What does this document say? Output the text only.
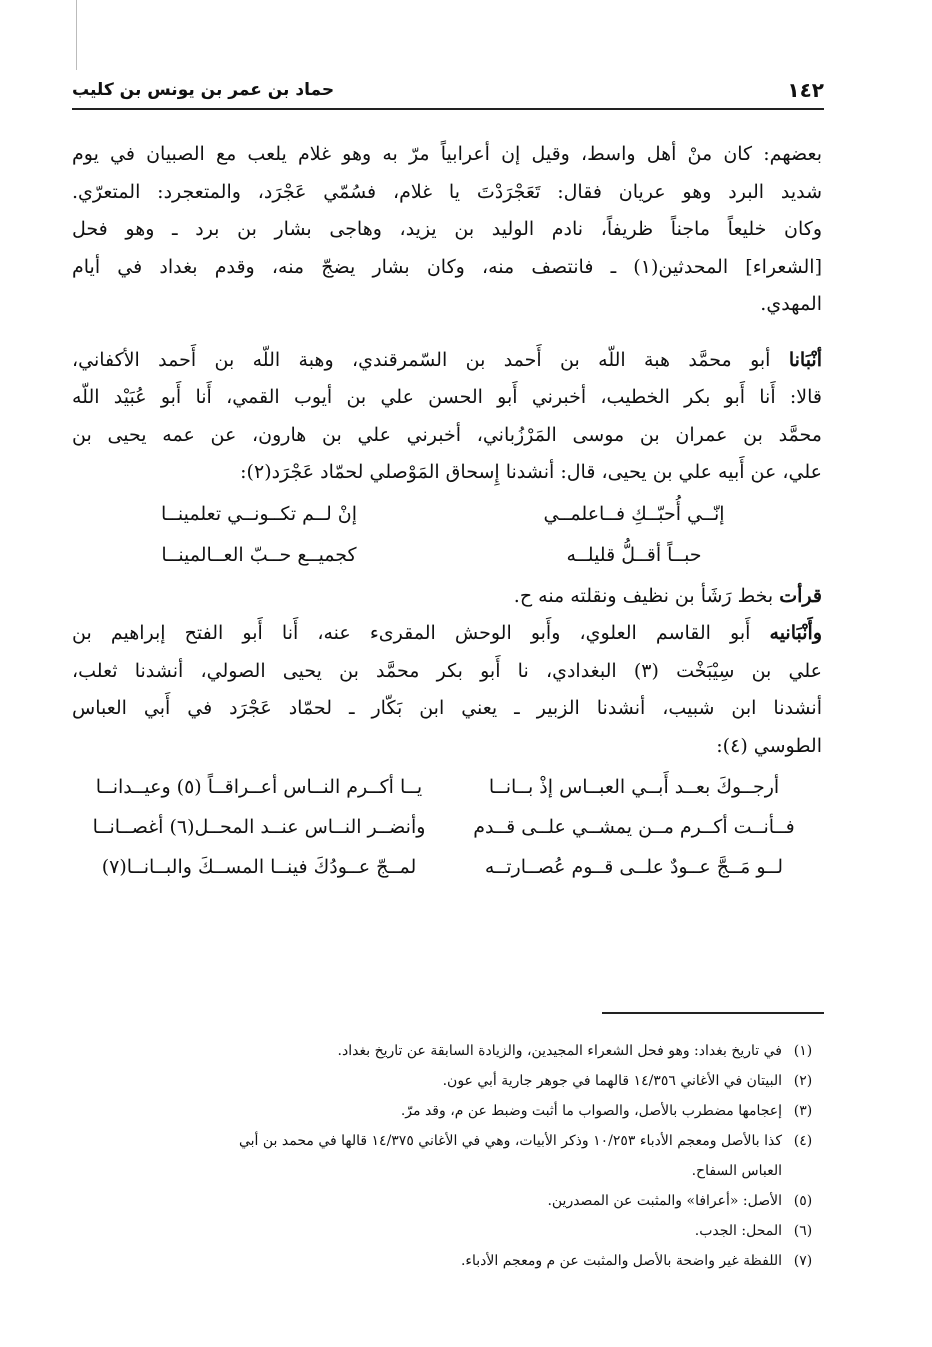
١٤٢
حماد بن عمر بن يونس بن كليب
بعضهم: كان منْ أهل واسط، وقيل إن أعرابياً مرّ به وهو غلام يلعب مع الصبيان في يوم
شديد البرد وهو عريان فقال: تَعَجْرَدْتَ يا غلام، فسُمّي عَجْرَد، والمتعجرد: المتعرّي.
وكان خليعاً ماجناً ظريفاً، نادم الوليد بن يزيد، وهاجى بشار بن برد ـ وهو فحل
[الشعراء] المحدثين(١) ـ فانتصف منه، وكان بشار يضجّ منه، وقدم بغداد في أيام
المهدي.
أنْبَانا أبو محمَّد هبة اللّه بن أَحمد بن السّمرقندي، وهبة اللّه بن أَحمد الأكفاني،
قالا: أَنا أَبو بكر الخطيب، أخبرني أَبو الحسن علي بن أيوب القمي، أَنا أَبو عُبَيْد اللّه
محمَّد بن عمران بن موسى المَرْزُباني، أخبرني علي بن هارون، عن عمه يحيى بن
علي، عن أَبيه علي بن يحيى، قال: أنشدنا إِسحاق المَوْصلي لحمّاد عَجْرَد(٢):
إنّــي أُحبّــكِ فــاعلمــي
إنْ لــم تكــونــي تعلمينــا
حبــاً أقــلُّ قليلــه
كجميــع حــبّ العــالمينــا
قرأت بخط رَشَأ بن نظيف ونقلته منه ح.
وأَنْبَانيه أَبو القاسم العلوي، وأَبو الوحش المقرىء عنه، أَنا أَبو الفتح إبراهيم بن
علي بن سِيْبَخْت (٣) البغدادي، نا أَبو بكر محمَّد بن يحيى الصولي، أنشدنا ثعلب،
أنشدنا ابن شبيب، أنشدنا الزبير ـ يعني ابن بَكّار ـ لحمّاد عَجْرَد في أَبي العباس
الطوسي (٤):
أرجــوكَ بعــد أَبــي العبــاس إذْ بــانــا
يــا أكــرم النــاس أعــراقــاً (٥) وعيــدانــا
فــأنــت أكــرم مــن يمشــي علــى قــدم
وأنضــر النــاس عنــد المحــل(٦) أغصــانــا
لــو مَــجَّ عــودٌ علــى قــوم عُصــارتــه
لمــجّ عــودُكَ فينــا المســكَ والبــانــا(٧)
(١)
في تاريخ بغداد: وهو فحل الشعراء المجيدين، والزيادة السابقة عن تاريخ بغداد.
(٢)
البيتان في الأغاني ١٤/٣٥٦ قالهما في جوهر جارية أبي عون.
(٣)
إعجامها مضطرب بالأصل، والصواب ما أثبت وضبط عن م، وقد مرّ.
(٤)
كذا بالأصل ومعجم الأدباء ١٠/٢٥٣ وذكر الأبيات، وهي في الأغاني ١٤/٣٧٥ قالها في محمد بن أبي
العباس السفاح.
(٥)
الأصل: «أعرافا» والمثبت عن المصدرين.
(٦)
المحل: الجدب.
(٧)
اللفظة غير واضحة بالأصل والمثبت عن م ومعجم الأدباء.
